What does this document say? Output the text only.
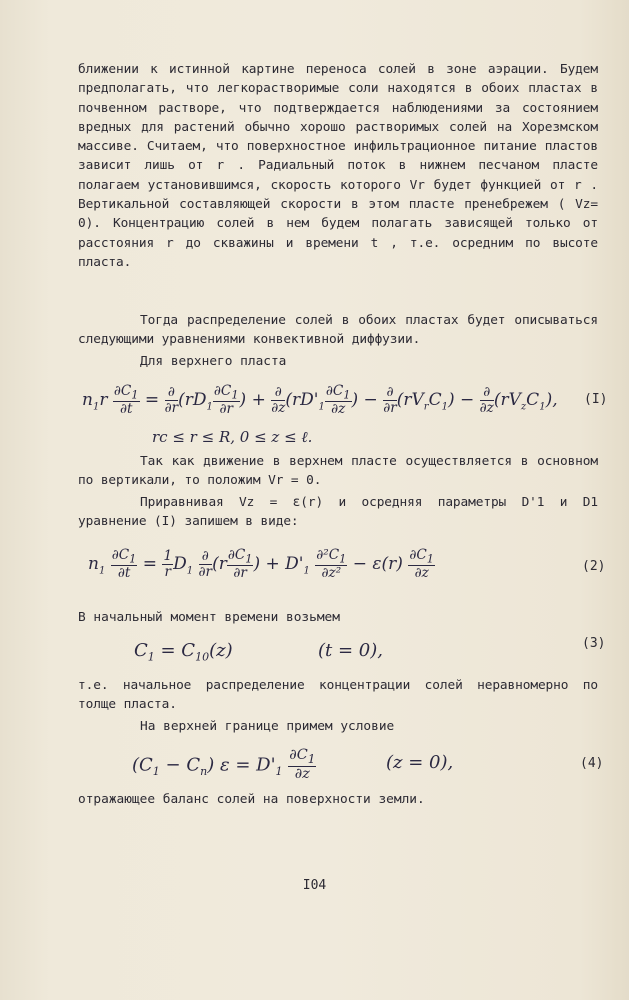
ближении к истинной картине переноса солей в зоне аэрации. Будем предполагать, что легкорастворимые соли находятся в обоих пластах в почвенном растворе, что подтверждается наблюдениями за состоянием вредных для растений обычно хорошо растворимых солей на Хорезмском массиве. Считаем, что поверхностное инфильтрационное питание пластов зависит лишь от r . Радиальный поток в нижнем песчаном пласте полагаем установившимся, скорость которого Vr будет функцией от r . Вертикальной составляющей скорости в этом пласте пренебрежем ( Vz= 0). Концентрацию солей в нем будем полагать зависящей только от расстояния r до скважины и времени t , т.е. осредним по высоте пласта.

Тогда распределение солей в обоих пластах будет описываться следующими уравнениями конвективной диффузии.

Для верхнего пласта
$n_1r \frac{\partial C_1}{\partial t} = \frac{\partial}{\partial r} (rD_1 \frac{\partial C_1}{\partial r}$ ) + $\frac{\partial}{\partial z} (rD'_1 \frac{\partial C_1}{\partial z}$ ) − $\frac{\partial}{\partial r} (rV_rC_1) - \frac{\partial}{\partial z} (rV_zC_1)$, (I)
rc ≤ r ≤ R, 0 ≤ z ≤ ℓ.

Так как движение в верхнем пласте осуществляется в основном по вертикали, то положим Vr = 0.

Приравнивая Vz = ε(r) и осредняя параметры D'1 и D1 уравнение (I) запишем в виде:

$n_1 \frac{\partial C_1}{\partial t} = \frac{1}{r} D_1 \frac{\partial}{\partial r} (r \frac{\partial C_1}{\partial r}$ ) + $D'_1 \frac{\partial^2C_1}{\text{∂z²}} - \varepsilon(r) \frac{\partial C_1}{\partial z}$	(2)
В начальный момент времени возьмем
$C_1 = C_{10}(z)$	(t = 0),	(3)

т.е. начальное распределение концентрации солей неравномерно по толще пласта.

На верхней границе примем условие
$(C_1 - C_n) \varepsilon = D'_1 \frac{\partial C_1}{\partial z}$	(z = 0),	(4)
отражающее баланс солей на поверхности земли.
I04
